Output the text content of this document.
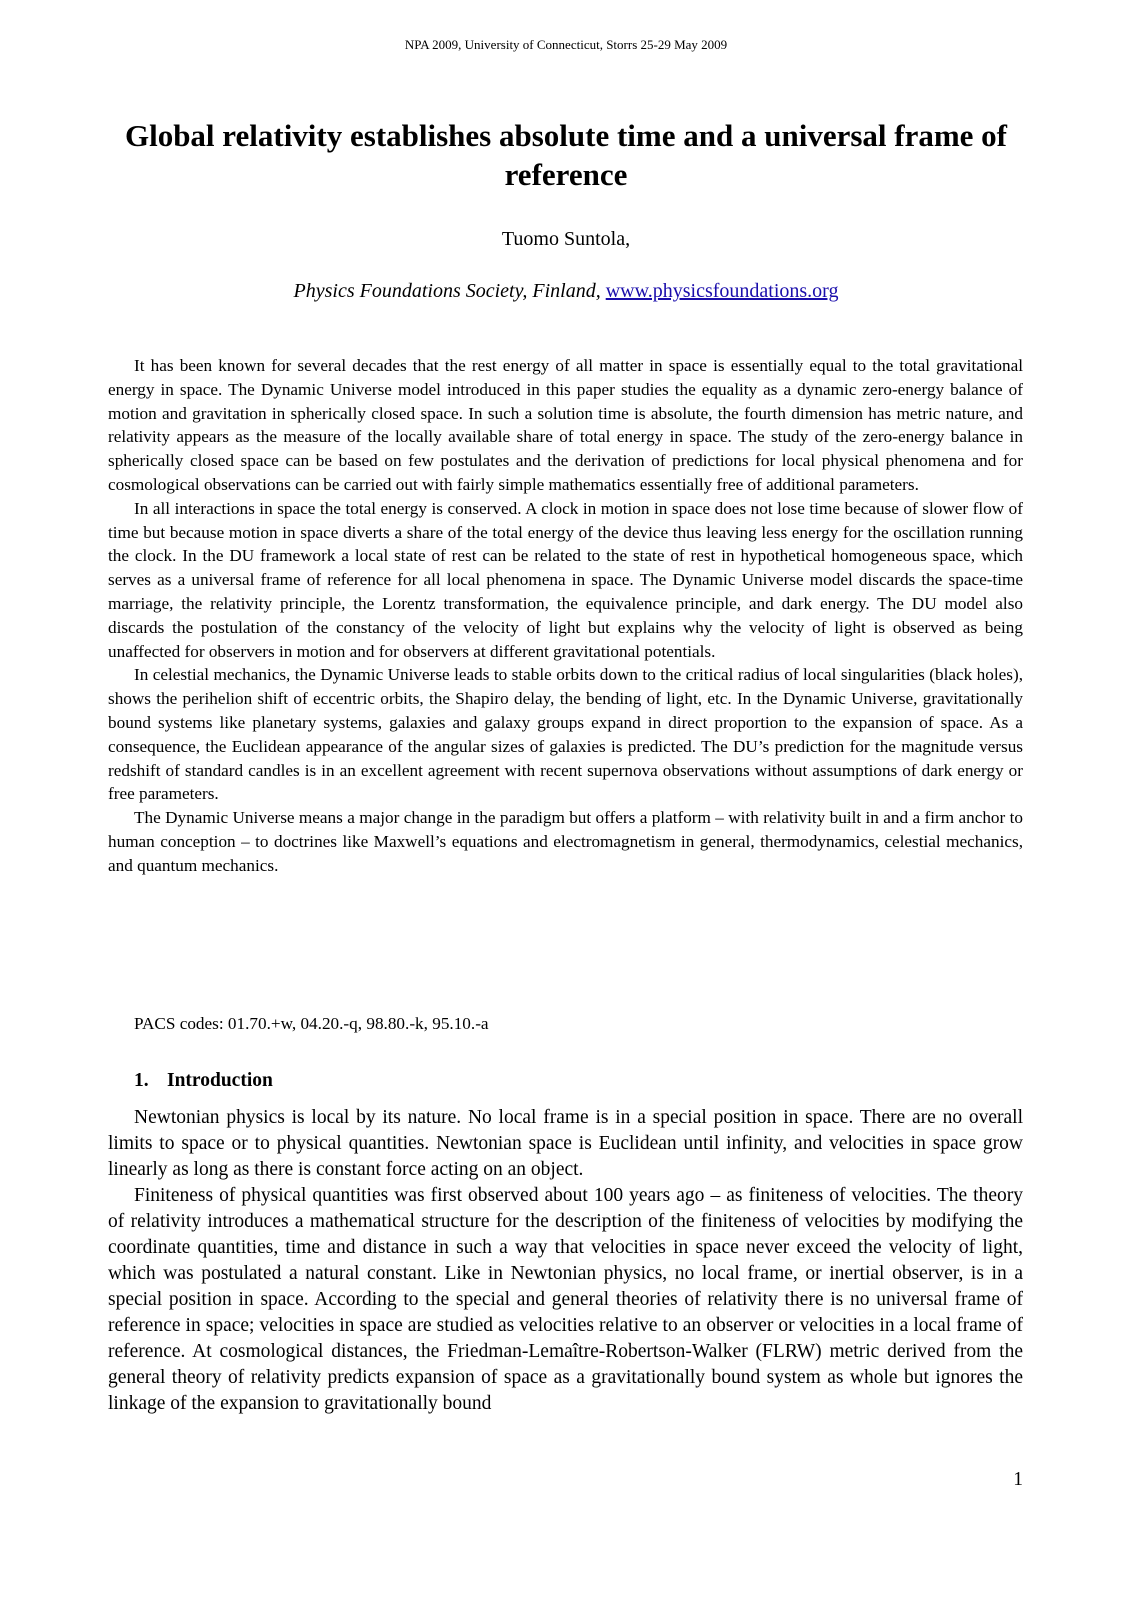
NPA 2009, University of Connecticut, Storrs 25-29 May 2009
Global relativity establishes absolute time and a universal frame of reference
Tuomo Suntola,
Physics Foundations Society, Finland, www.physicsfoundations.org

It has been known for several decades that the rest energy of all matter in space is essentially equal to the total gravitational energy in space. The Dynamic Universe model introduced in this paper studies the equality as a dynamic zero-energy balance of motion and gravitation in spherically closed space. In such a solution time is absolute, the fourth dimension has metric nature, and relativity appears as the measure of the locally available share of total energy in space. The study of the zero-energy balance in spherically closed space can be based on few postulates and the derivation of predictions for local physical phenomena and for cosmological observations can be carried out with fairly simple mathematics essentially free of additional parameters.

In all interactions in space the total energy is conserved. A clock in motion in space does not lose time because of slower flow of time but because motion in space diverts a share of the total energy of the device thus leaving less energy for the oscillation running the clock. In the DU framework a local state of rest can be related to the state of rest in hypothetical homogeneous space, which serves as a universal frame of reference for all local phenomena in space. The Dynamic Universe model discards the space-time marriage, the relativity principle, the Lorentz transformation, the equivalence principle, and dark energy. The DU model also discards the postulation of the constancy of the velocity of light but explains why the velocity of light is observed as being unaffected for observers in motion and for observers at different gravitational potentials.

In celestial mechanics, the Dynamic Universe leads to stable orbits down to the critical radius of local singularities (black holes), shows the perihelion shift of eccentric orbits, the Shapiro delay, the bending of light, etc. In the Dynamic Universe, gravitationally bound systems like planetary systems, galaxies and galaxy groups expand in direct proportion to the expansion of space. As a consequence, the Euclidean appearance of the angular sizes of galaxies is predicted. The DU’s prediction for the magnitude versus redshift of standard candles is in an excellent agreement with recent supernova observations without assumptions of dark energy or free parameters.

The Dynamic Universe means a major change in the paradigm but offers a platform – with relativity built in and a firm anchor to human conception – to doctrines like Maxwell’s equations and electromagnetism in general, thermodynamics, celestial mechanics, and quantum mechanics.

PACS codes: 01.70.+w, 04.20.-q, 98.80.-k, 95.10.-a
1. Introduction

Newtonian physics is local by its nature. No local frame is in a special position in space. There are no overall limits to space or to physical quantities. Newtonian space is Euclidean until infinity, and velocities in space grow linearly as long as there is constant force acting on an object.

Finiteness of physical quantities was first observed about 100 years ago – as finiteness of velocities. The theory of relativity introduces a mathematical structure for the description of the finiteness of velocities by modifying the coordinate quantities, time and distance in such a way that velocities in space never exceed the velocity of light, which was postulated a natural constant. Like in Newtonian physics, no local frame, or inertial observer, is in a special position in space. According to the special and general theories of relativity there is no universal frame of reference in space; velocities in space are studied as velocities relative to an observer or velocities in a local frame of reference. At cosmological distances, the Friedman-Lemaître-Robertson-Walker (FLRW) metric derived from the general theory of relativity predicts expansion of space as a gravitationally bound system as whole but ignores the linkage of the expansion to gravitationally bound

1
